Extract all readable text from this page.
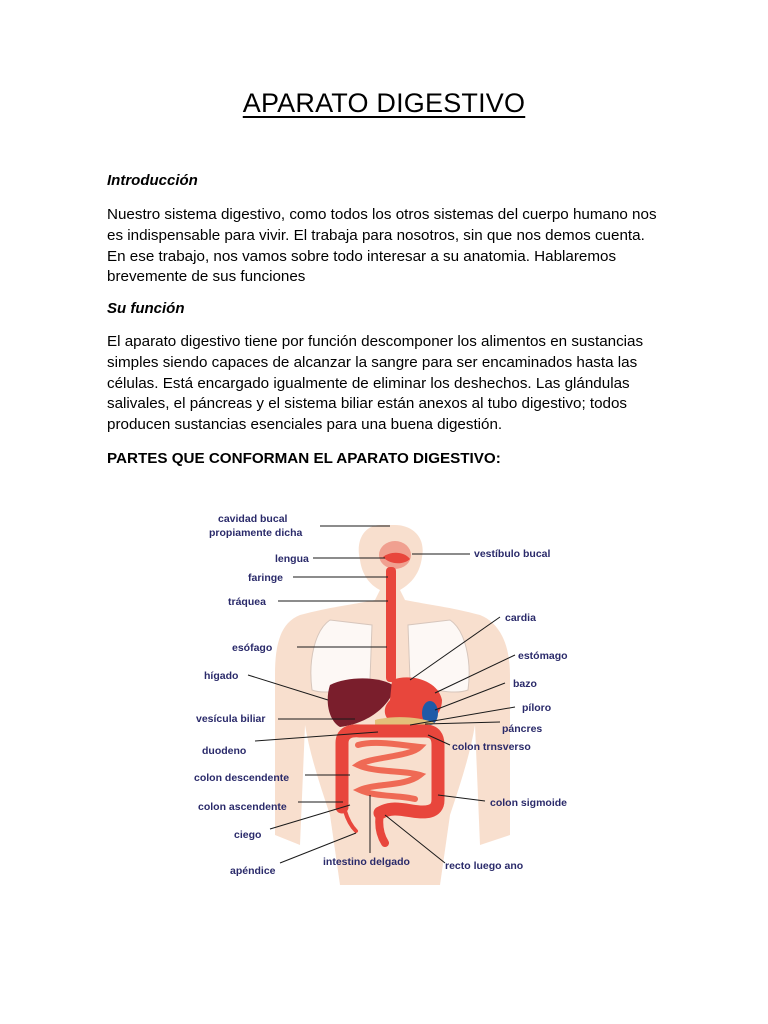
APARATO DIGESTIVO
Introducción
Nuestro sistema digestivo, como todos los otros sistemas del cuerpo humano nos es indispensable para vivir. El trabaja para nosotros, sin que nos demos cuenta. En ese trabajo, nos vamos sobre todo interesar a su anatomia. Hablaremos brevemente de sus funciones
Su función
El aparato digestivo tiene por función descomponer los alimentos en sustancias simples siendo capaces de alcanzar la sangre para ser encaminados hasta las células. Está encargado igualmente de eliminar los deshechos. Las glándulas salivales, el páncreas y el sistema biliar están anexos al tubo digestivo; todos producen sustancias esenciales para una buena digestión.
PARTES QUE CONFORMAN EL APARATO DIGESTIVO:
cavidad bucal
propiamente dicha
lengua
faringe
tráquea
esófago
hígado
vesícula biliar
duodeno
colon descendente
colon ascendente
ciego
apéndice
intestino delgado	recto luego ano
vestíbulo bucal
cardia
estómago
bazo
píloro
páncres
colon trnsverso
colon sigmoide
